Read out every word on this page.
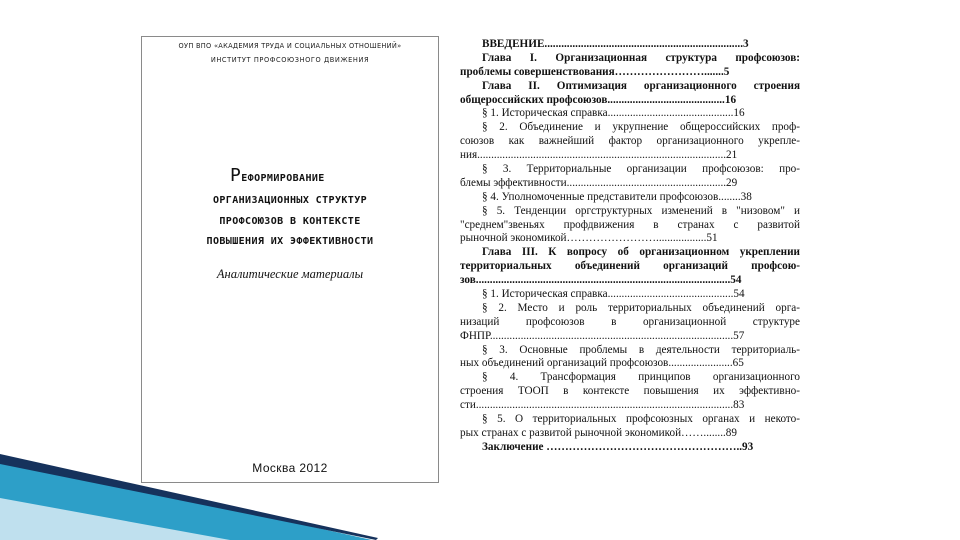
ОУП ВПО «АКАДЕМИЯ ТРУДА И СОЦИАЛЬНЫХ ОТНОШЕНИЙ»
ИНСТИТУТ ПРОФСОЮЗНОГО ДВИЖЕНИЯ
РЕФОРМИРОВАНИЕ
ОРГАНИЗАЦИОННЫХ СТРУКТУР
ПРОФСОЮЗОВ В КОНТЕКСТЕ
ПОВЫШЕНИЯ ИХ ЭФФЕКТИВНОСТИ
Аналитические материалы
Москва 2012
ВВЕДЕНИЕ.......................................................................3
Глава I. Организационная структура профсоюзов:
проблемы совершенствования…………………….......5
Глава II. Оптимизация организационного строения
общероссийских профсоюзов..........................................16
§ 1. Историческая справка.............................................16
§ 2. Объединение и укрупнение общероссийских проф-
союзов как важнейший фактор организационного укрепле-
ния.........................................................................................21
§ 3. Территориальные организации профсоюзов: про-
блемы эффективности.........................................................29
§ 4. Уполномоченные представители профсоюзов........38
§ 5. Тенденции оргструктурных изменений в "низовом" и
"среднем"звеньях профдвижения в странах с развитой
рыночной экономикой……………………..................51
Глава III. К вопросу об организационном укреплении
территориальных объединений организаций профсою-
зов...........................................................................................54
§ 1. Историческая справка.............................................54
§ 2. Место и роль территориальных объединений орга-
низаций профсоюзов в организационной структуре
ФНПР.......................................................................................57
§ 3. Основные проблемы в деятельности территориаль-
ных объединений организаций профсоюзов.......................65
§ 4. Трансформация принципов организационного
строения ТООП в контексте повышения их эффективно-
сти............................................................................................83
§ 5. О территориальных профсоюзных органах и некото-
рых странах с развитой рыночной экономикой……........89
Заключение ……………………………………………..93
